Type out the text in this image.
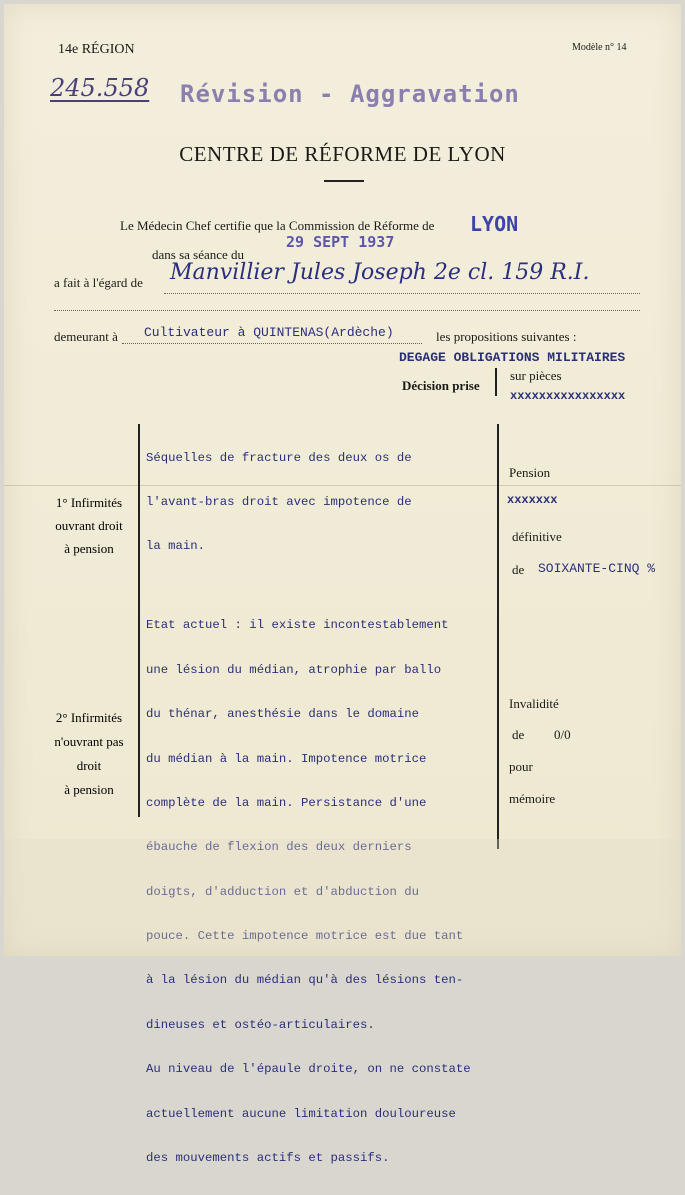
14e RÉGION	Modèle n° 14
245.558 Révision - Aggravation
CENTRE DE RÉFORME DE LYON
Le Médecin Chef certifie que la Commission de Réforme de LYON
dans sa séance du
29 SEPT 1937
a fait à l'égard de Manvillier Jules Joseph 2e cl. 159 R.I.
demeurant à Cultivateur à QUINTENAS(Ardèche)	les propositions suivantes :
DEGAGE OBLIGATIONS MILITAIRES
Décision prise
sur pièces
xxxxxxxxxxxxxxxx
1° Infirmités
ouvrant droit
à pension
2° Infirmités
n'ouvrant pas
droit
à pension

Séquelles de fracture des deux os de

l'avant-bras droit avec impotence de

la main.

Etat actuel : il existe incontestablement

une lésion du médian, atrophie par ballo

du thénar, anesthésie dans le domaine

du médian à la main. Impotence motrice

complète de la main. Persistance d'une

ébauche de flexion des deux derniers

doigts, d'adduction et d'abduction du

pouce. Cette impotence motrice est due tant

à la lésion du médian qu'à des lésions ten-

dineuses et ostéo-articulaires.

Au niveau de l'épaule droite, on ne constate

actuellement aucune limitation douloureuse

des mouvements actifs et passifs.

Pension
xxxxxxx
définitive
de SOIXANTE-CINQ %
Invalidité
de 0/0
pour
mémoire
